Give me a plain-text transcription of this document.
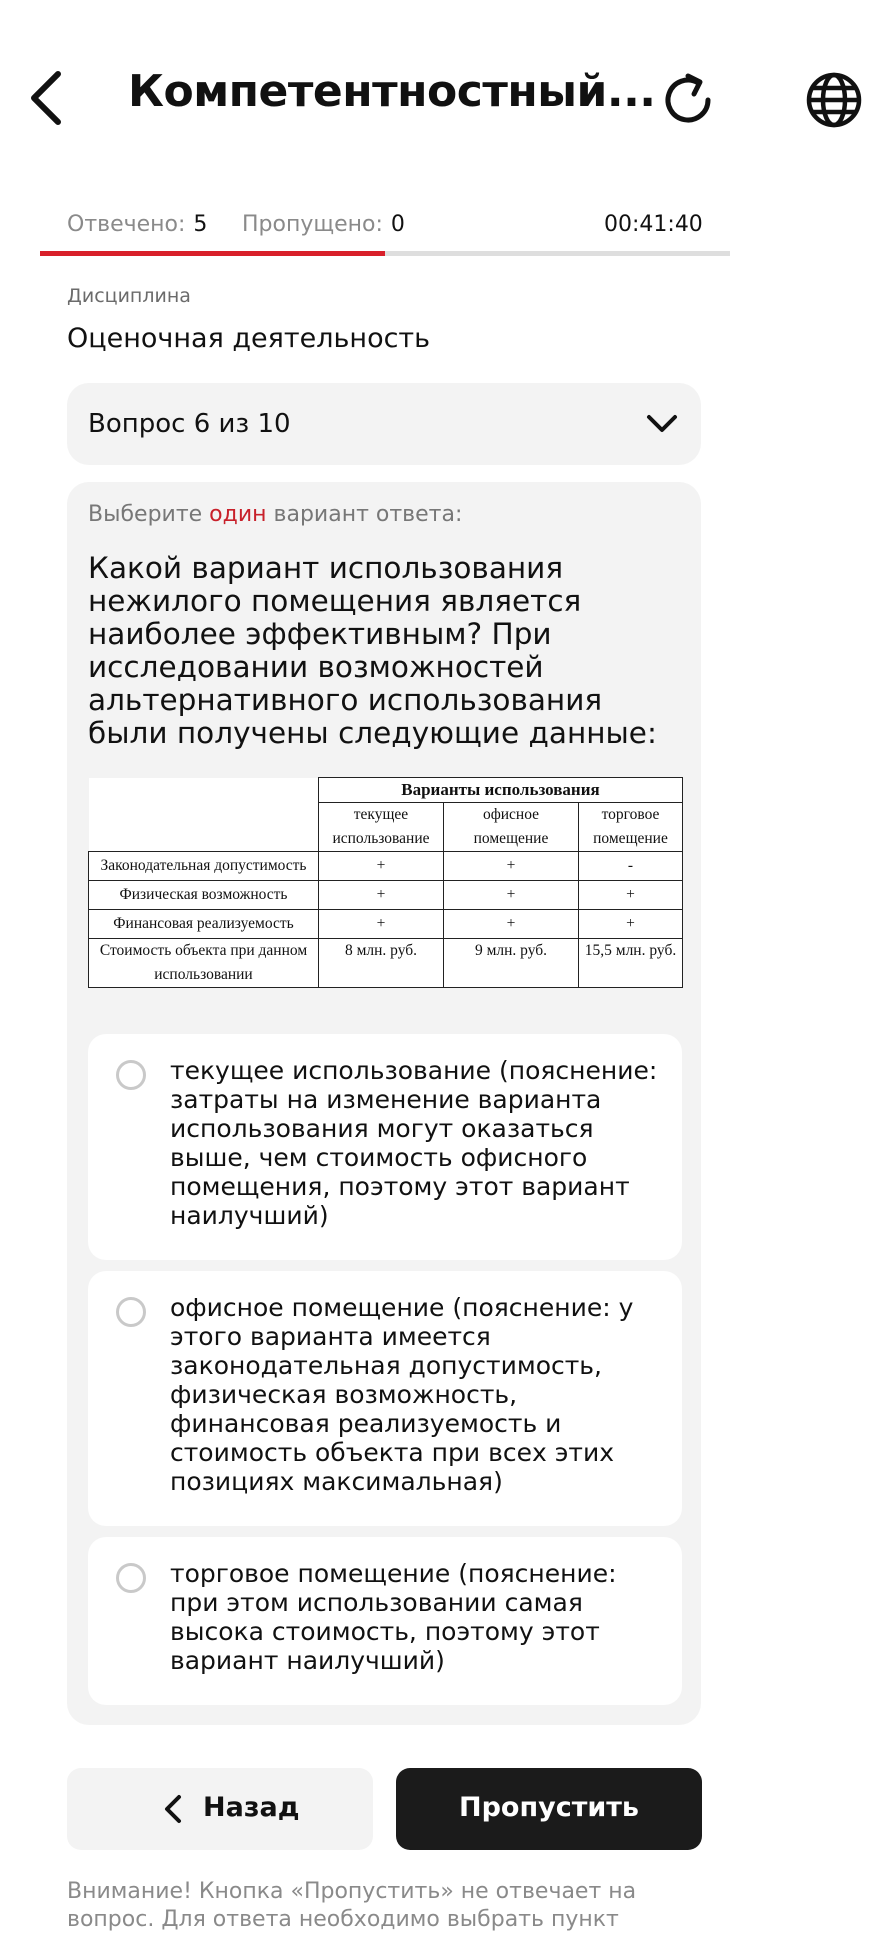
Компетентностный...
Отвечено: 5 Пропущено: 0	00:41:40
Дисциплина
Оценочная деятельность
Вопрос 6 из 10
Выберите один вариант ответа:
Какой вариант использования нежилого помещения является наиболее эффективным? При исследовании возможностей альтернативного использования были получены следующие данные:
	Варианты использования		
	текущее использование	офисное помещение	торговое помещение
Законодательная допустимость	+	+	-
Физическая возможность	+	+	+
Финансовая реализуемость	+	+	+
Стоимость объекта при данном использовании	8 млн. руб.	9 млн. руб.	15,5 млн. руб.
текущее использование (пояснение: затраты на изменение варианта использования могут оказаться выше, чем стоимость офисного помещения, поэтому этот вариант наилучший)
офисное помещение (пояснение: у этого варианта имеется законодательная допустимость, физическая возможность, финансовая реализуемость и стоимость объекта при всех этих позициях максимальная)
торговое помещение (пояснение: при этом использовании самая высока стоимость, поэтому этот вариант наилучший)
Назад	Пропустить
Внимание! Кнопка «Пропустить» не отвечает на вопрос. Для ответа необходимо выбрать пункт
